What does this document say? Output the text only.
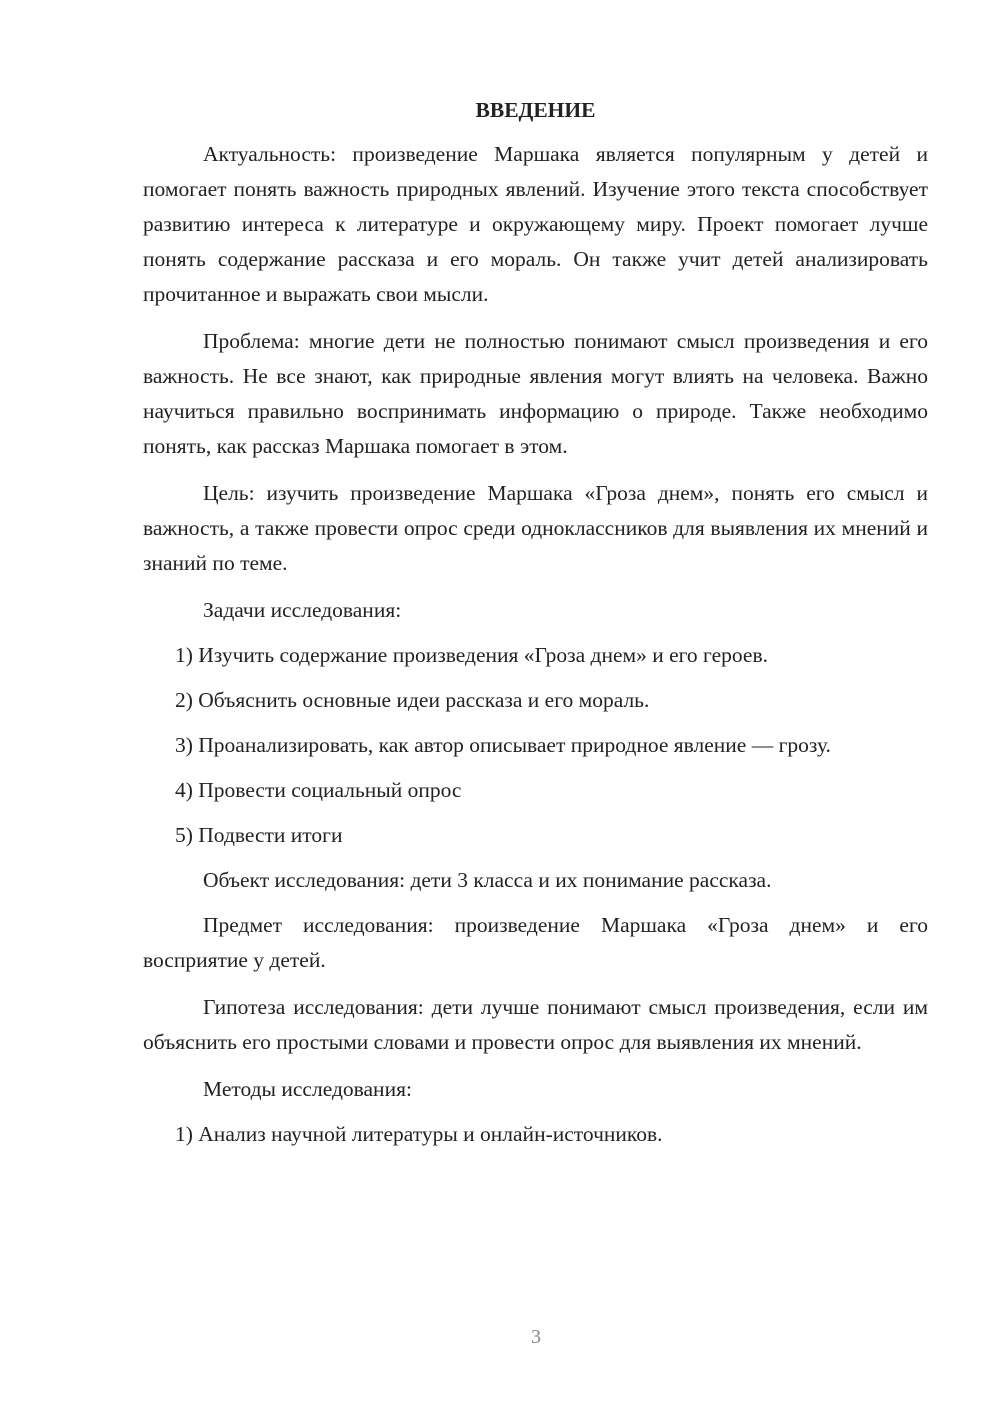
ВВЕДЕНИЕ

Актуальность: произведение Маршака является популярным у детей и помогает понять важность природных явлений. Изучение этого текста способствует развитию интереса к литературе и окружающему миру. Проект помогает лучше понять содержание рассказа и его мораль. Он также учит детей анализировать прочитанное и выражать свои мысли.

Проблема: многие дети не полностью понимают смысл произведения и его важность. Не все знают, как природные явления могут влиять на человека. Важно научиться правильно воспринимать информацию о природе. Также необходимо понять, как рассказ Маршака помогает в этом.

Цель: изучить произведение Маршака «Гроза днем», понять его смысл и важность, а также провести опрос среди одноклассников для выявления их мнений и знаний по теме.

Задачи исследования:

1) Изучить содержание произведения «Гроза днем» и его героев.

2) Объяснить основные идеи рассказа и его мораль.

3) Проанализировать, как автор описывает природное явление — грозу.

4) Провести социальный опрос

5) Подвести итоги

Объект исследования: дети 3 класса и их понимание рассказа.

Предмет исследования: произведение Маршака «Гроза днем» и его восприятие у детей.

Гипотеза исследования: дети лучше понимают смысл произведения, если им объяснить его простыми словами и провести опрос для выявления их мнений.

Методы исследования:

1) Анализ научной литературы и онлайн-источников.

3
